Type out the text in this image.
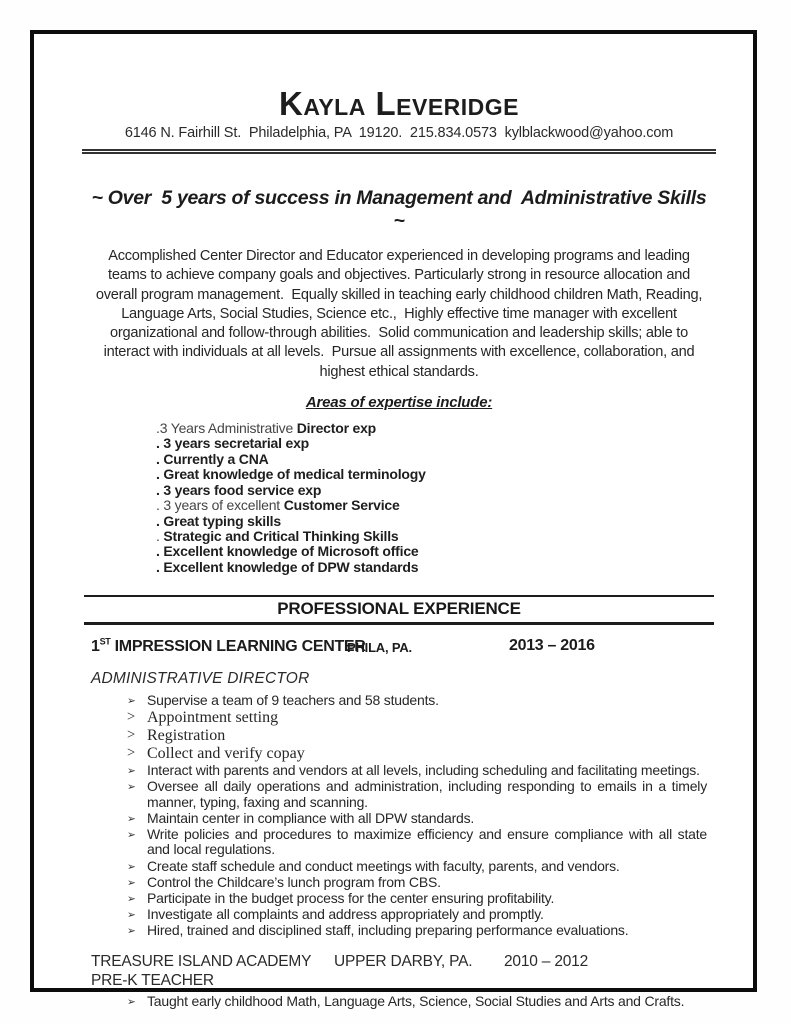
Kayla Leveridge
6146 N. Fairhill St.  Philadelphia, PA  19120.  215.834.0573  kylblackwood@yahoo.com
~ Over  5 years of success in Management and  Administrative Skills ~

Accomplished Center Director and Educator experienced in developing programs and leading teams to achieve company goals and objectives. Particularly strong in resource allocation and overall program management.  Equally skilled in teaching early childhood children Math, Reading, Language Arts, Social Studies, Science etc.,  Highly effective time manager with excellent organizational and follow-through abilities.  Solid communication and leadership skills; able to interact with individuals at all levels.  Pursue all assignments with excellence, collaboration, and highest ethical standards.

Areas of expertise include:
.3 Years Administrative Director exp
. 3 years secretarial exp
. Currently a CNA
. Great knowledge of medical terminology
. 3 years food service exp
. 3 years of excellent Customer Service
. Great typing skills
. Strategic and Critical Thinking Skills
. Excellent knowledge of Microsoft office
. Excellent knowledge of DPW standards
PROFESSIONAL EXPERIENCE
1ST IMPRESSION LEARNING CENTER
PHILA, PA.	2013 – 2016
ADMINISTRATIVE DIRECTOR
➢ Supervise a team of 9 teachers and 58 students.
> Appointment setting
> Registration
> Collect and verify copay
➢ Interact with parents and vendors at all levels, including scheduling and facilitating meetings.
➢ Oversee all daily operations and administration, including responding to emails in a timely manner, typing, faxing and scanning.
➢ Maintain center in compliance with all DPW standards.
➢ Write policies and procedures to maximize efficiency and ensure compliance with all state and local regulations.
➢ Create staff schedule and conduct meetings with faculty, parents, and vendors.
➢ Control the Childcare’s lunch program from CBS.
➢ Participate in the budget process for the center ensuring profitability.
➢ Investigate all complaints and address appropriately and promptly.
➢ Hired, trained and disciplined staff, including preparing performance evaluations.
TREASURE ISLAND ACADEMY UPPER DARBY, PA. 2010 – 2012
PRE-K TEACHER
➢ Taught early childhood Math, Language Arts, Science, Social Studies and Arts and Crafts.
